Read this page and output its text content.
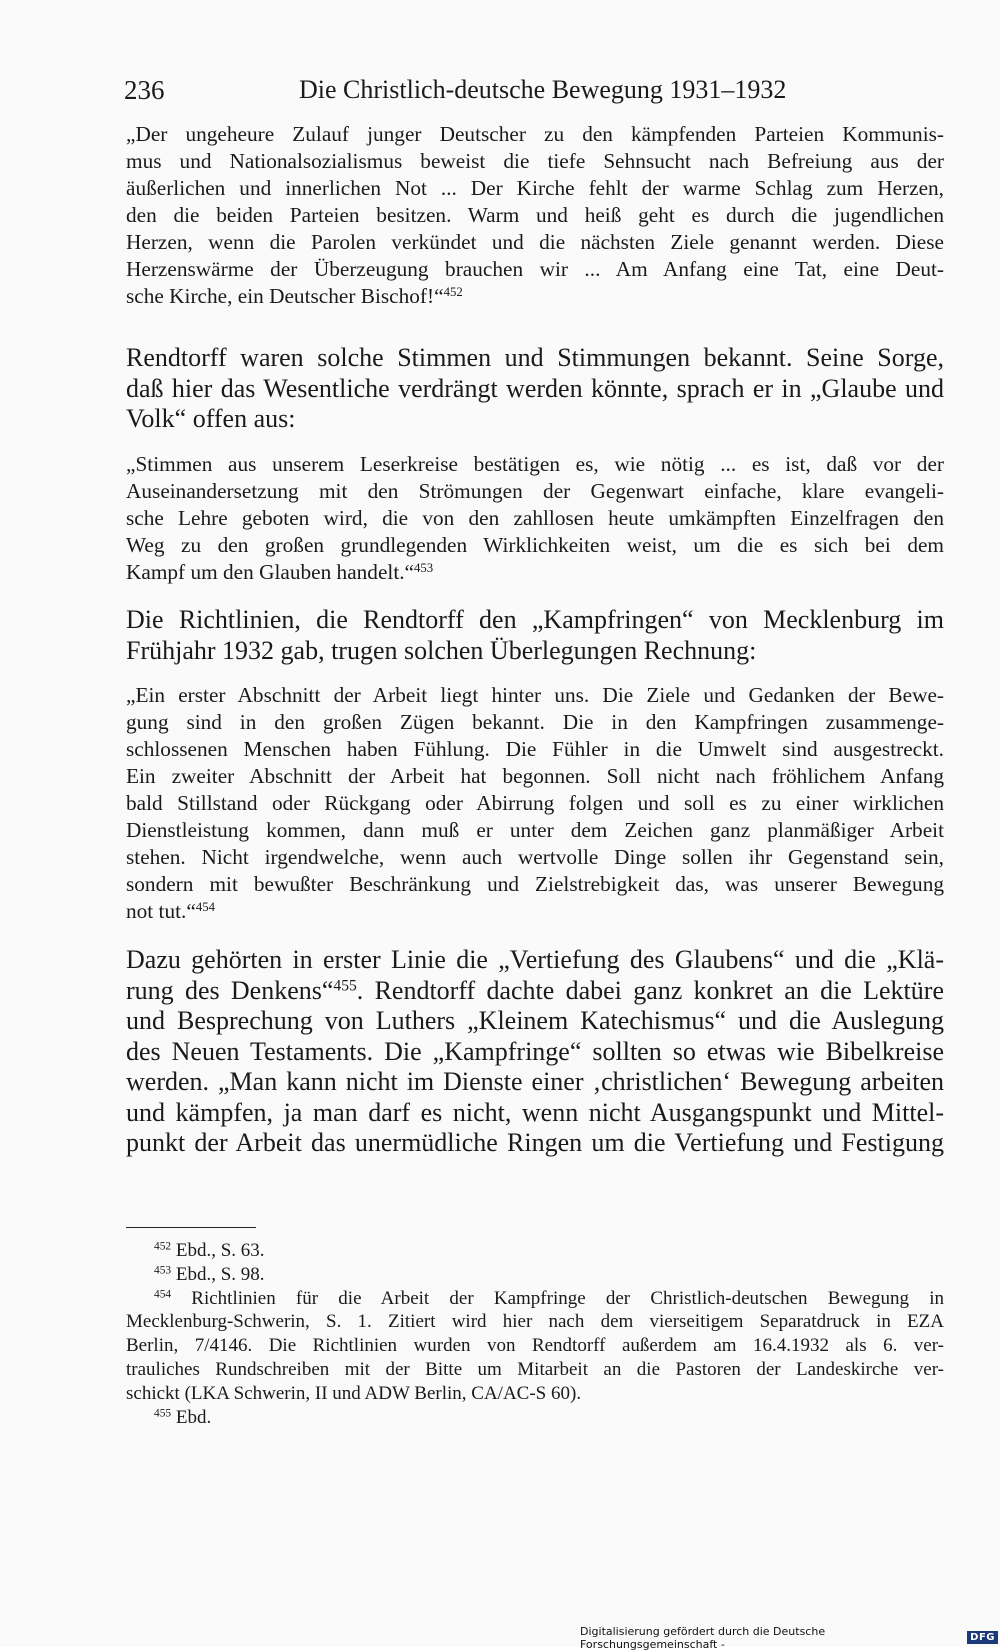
236	Die Christlich-deutsche Bewegung 1931–1932
„Der ungeheure Zulauf junger Deutscher zu den kämpfenden Parteien Kommunis-
mus und Nationalsozialismus beweist die tiefe Sehnsucht nach Befreiung aus der
äußerlichen und innerlichen Not ... Der Kirche fehlt der warme Schlag zum Herzen,
den die beiden Parteien besitzen. Warm und heiß geht es durch die jugendlichen
Herzen, wenn die Parolen verkündet und die nächsten Ziele genannt werden. Diese
Herzenswärme der Überzeugung brauchen wir ... Am Anfang eine Tat, eine Deut-
sche Kirche, ein Deutscher Bischof!“$^{452}$
Rendtorff waren solche Stimmen und Stimmungen bekannt. Seine Sorge,
daß hier das Wesentliche verdrängt werden könnte, sprach er in „Glaube und
Volk“ offen aus:
„Stimmen aus unserem Leserkreise bestätigen es, wie nötig ... es ist, daß vor der
Auseinandersetzung mit den Strömungen der Gegenwart einfache, klare evangeli-
sche Lehre geboten wird, die von den zahllosen heute umkämpften Einzelfragen den
Weg zu den großen grundlegenden Wirklichkeiten weist, um die es sich bei dem
Kampf um den Glauben handelt.“$^{453}$
Die Richtlinien, die Rendtorff den „Kampfringen“ von Mecklenburg im
Frühjahr 1932 gab, trugen solchen Überlegungen Rechnung:
„Ein erster Abschnitt der Arbeit liegt hinter uns. Die Ziele und Gedanken der Bewe-
gung sind in den großen Zügen bekannt. Die in den Kampfringen zusammenge-
schlossenen Menschen haben Fühlung. Die Fühler in die Umwelt sind ausgestreckt.
Ein zweiter Abschnitt der Arbeit hat begonnen. Soll nicht nach fröhlichem Anfang
bald Stillstand oder Rückgang oder Abirrung folgen und soll es zu einer wirklichen
Dienstleistung kommen, dann muß er unter dem Zeichen ganz planmäßiger Arbeit
stehen. Nicht irgendwelche, wenn auch wertvolle Dinge sollen ihr Gegenstand sein,
sondern mit bewußter Beschränkung und Zielstrebigkeit das, was unserer Bewegung
not tut.“$^{454}$
Dazu gehörten in erster Linie die „Vertiefung des Glaubens“ und die „Klä-
rung des Denkens“$^{455}$. Rendtorff dachte dabei ganz konkret an die Lektüre
und Besprechung von Luthers „Kleinem Katechismus“ und die Auslegung
des Neuen Testaments. Die „Kampfringe“ sollten so etwas wie Bibelkreise
werden. „Man kann nicht im Dienste einer ‚christlichen‘ Bewegung arbeiten
und kämpfen, ja man darf es nicht, wenn nicht Ausgangspunkt und Mittel-
punkt der Arbeit das unermüdliche Ringen um die Vertiefung und Festigung
$^{452}$ Ebd., S. 63.
$^{453}$ Ebd., S. 98.
$^{454}$ Richtlinien für die Arbeit der Kampfringe der Christlich-deutschen Bewegung in
Mecklenburg-Schwerin, S. 1. Zitiert wird hier nach dem vierseitigem Separatdruck in EZA
Berlin, 7/4146. Die Richtlinien wurden von Rendtorff außerdem am 16.4.1932 als 6. ver-
trauliches Rundschreiben mit der Bitte um Mitarbeit an die Pastoren der Landeskirche ver-
schickt (LKA Schwerin, II und ADW Berlin, CA/AC-S 60).
$^{455}$ Ebd.
Digitalisierung gefördert durch die Deutsche Forschungsgemeinschaft -	DFG
